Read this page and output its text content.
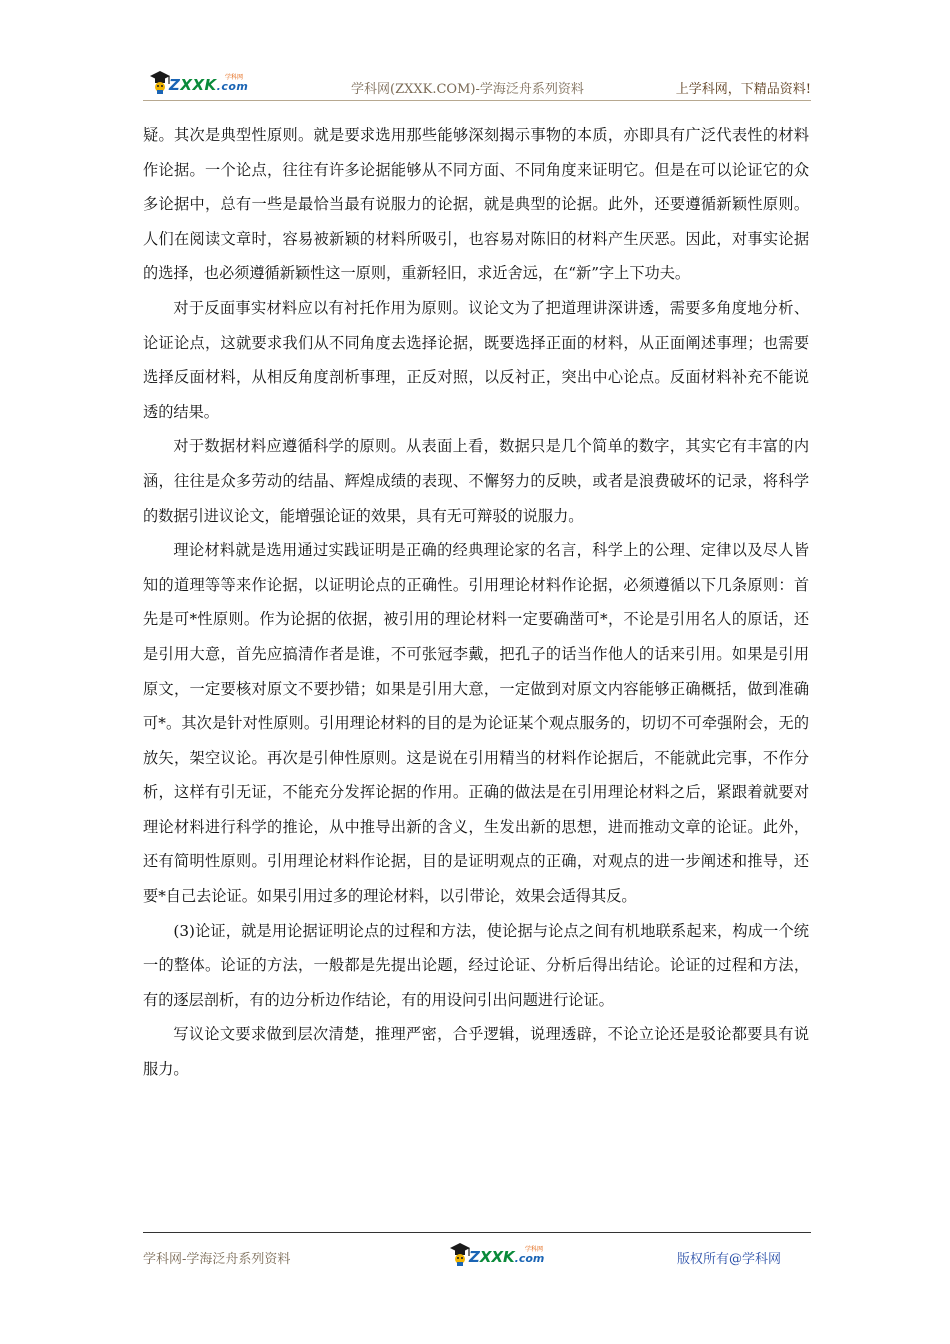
ZXXK.com
学科网
学科网(ZXXK.COM)-学海泛舟系列资料	上学科网，下精品资料!

疑。其次是典型性原则。就是要求选用那些能够深刻揭示事物的本质，亦即具有广泛代表性的材料作论据。一个论点，往往有许多论据能够从不同方面、不同角度来证明它。但是在可以论证它的众多论据中，总有一些是最恰当最有说服力的论据，就是典型的论据。此外，还要遵循新颖性原则。人们在阅读文章时，容易被新颖的材料所吸引，也容易对陈旧的材料产生厌恶。因此，对事实论据的选择，也必须遵循新颖性这一原则，重新轻旧，求近舍远，在“新”字上下功夫。

对于反面事实材料应以有衬托作用为原则。议论文为了把道理讲深讲透，需要多角度地分析、论证论点，这就要求我们从不同角度去选择论据，既要选择正面的材料，从正面阐述事理；也需要选择反面材料，从相反角度剖析事理，正反对照，以反衬正，突出中心论点。反面材料补充不能说透的结果。

对于数据材料应遵循科学的原则。从表面上看，数据只是几个简单的数字，其实它有丰富的内涵，往往是众多劳动的结晶、辉煌成绩的表现、不懈努力的反映，或者是浪费破坏的记录，将科学的数据引进议论文，能增强论证的效果，具有无可辩驳的说服力。

理论材料就是选用通过实践证明是正确的经典理论家的名言，科学上的公理、定律以及尽人皆知的道理等等来作论据，以证明论点的正确性。引用理论材料作论据，必须遵循以下几条原则：首先是可*性原则。作为论据的依据，被引用的理论材料一定要确凿可*，不论是引用名人的原话，还是引用大意，首先应搞清作者是谁，不可张冠李戴，把孔子的话当作他人的话来引用。如果是引用原文，一定要核对原文不要抄错；如果是引用大意，一定做到对原文内容能够正确概括，做到准确可*。其次是针对性原则。引用理论材料的目的是为论证某个观点服务的，切切不可牵强附会，无的放矢，架空议论。再次是引伸性原则。这是说在引用精当的材料作论据后，不能就此完事，不作分析，这样有引无证，不能充分发挥论据的作用。正确的做法是在引用理论材料之后，紧跟着就要对理论材料进行科学的推论，从中推导出新的含义，生发出新的思想，进而推动文章的论证。此外，还有简明性原则。引用理论材料作论据，目的是证明观点的正确，对观点的进一步阐述和推导，还要*自己去论证。如果引用过多的理论材料，以引带论，效果会适得其反。

(3)论证，就是用论据证明论点的过程和方法，使论据与论点之间有机地联系起来，构成一个统一的整体。论证的方法，一般都是先提出论题，经过论证、分析后得出结论。论证的过程和方法，有的逐层剖析，有的边分析边作结论，有的用设问引出问题进行论证。

写议论文要求做到层次清楚，推理严密，合乎逻辑，说理透辟，不论立论还是驳论都要具有说服力。

学科网-学海泛舟系列资料	ZXXK.com
学科网
版权所有@学科网
